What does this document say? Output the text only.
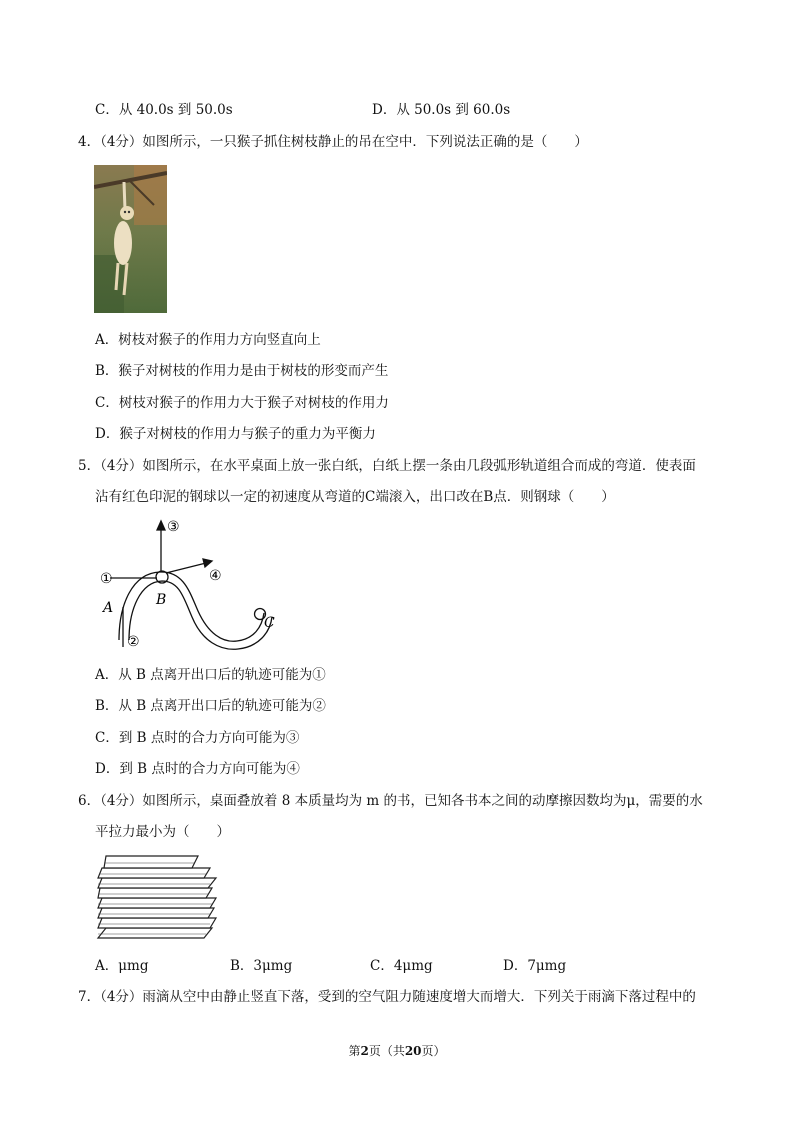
C．从 40.0s 到 50.0s	D．从 50.0s 到 60.0s
4．（4分）如图所示，一只猴子抓住树枝静止的吊在空中．下列说法正确的是（　　）
A．树枝对猴子的作用力方向竖直向上
B．猴子对树枝的作用力是由于树枝的形变而产生
C．树枝对猴子的作用力大于猴子对树枝的作用力
D．猴子对树枝的作用力与猴子的重力为平衡力
5．（4分）如图所示，在水平桌面上放一张白纸，白纸上摆一条由几段弧形轨道组合而成的弯道．使表面
沾有红色印泥的钢球以一定的初速度从弯道的C端滚入，出口改在B点．则钢球（　　）
①
②
③
④
A	B
C
A．从 B 点离开出口后的轨迹可能为①
B．从 B 点离开出口后的轨迹可能为②
C．到 B 点时的合力方向可能为③
D．到 B 点时的合力方向可能为④
6．（4分）如图所示，桌面叠放着 8 本质量均为 m 的书，已知各书本之间的动摩擦因数均为μ，需要的水
平拉力最小为（　　）
A．μmg	B．3μmg	C．4μmg	D．7μmg
7．（4分）雨滴从空中由静止竖直下落，受到的空气阻力随速度增大而增大．下列关于雨滴下落过程中的
第2页（共20页）
